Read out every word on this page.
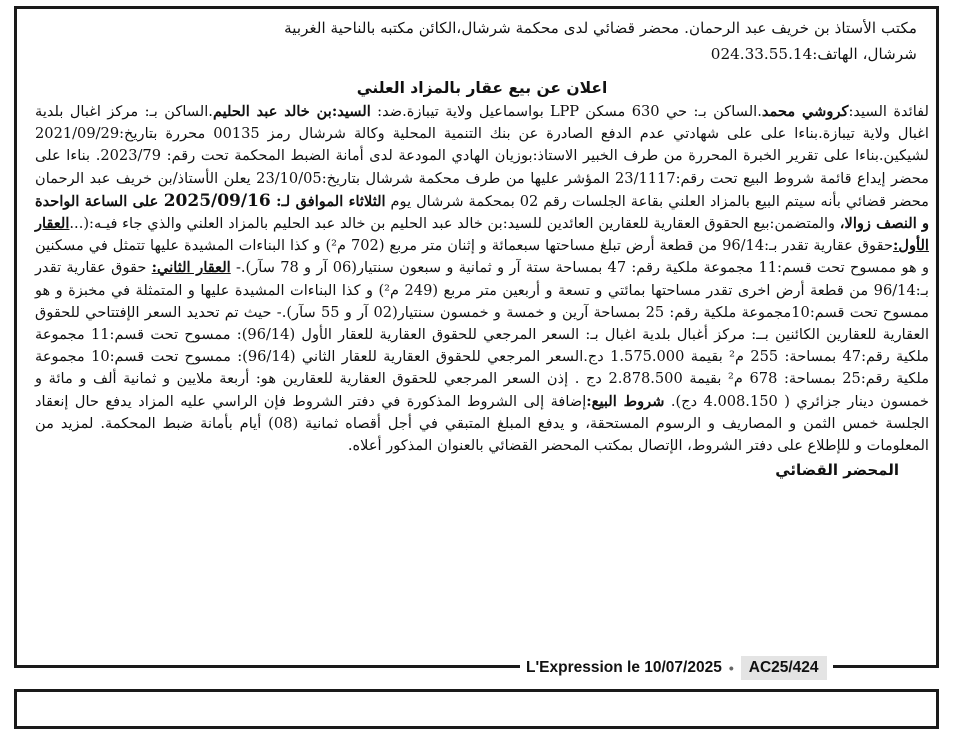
مكتب الأستاذ بن خريف عبد الرحمان. محضر قضائي لدى محكمة شرشال،الكائن مكتبه بالناحية الغربية
شرشال، الهاتف:024.33.55.14
اعلان عن بيع عقار بالمزاد العلني
لفائدة السيد:كروشي محمد.الساكن بـ: حي 630 مسكن LPP بواسماعيل ولاية تيبازة.ضد: السيد:بن خالد عبد الحليم.الساكن بـ: مركز اغبال بلدية اغبال ولاية تيبازة.بناءا على على شهادتي عدم الدفع الصادرة عن بنك التنمية المحلية وكالة شرشال رمز 00135 محررة بتاريخ:2021/09/29 لشيكين.بناءا على تقرير الخبرة المحررة من طرف الخبير الاستاذ:بوزيان الهادي المودعة لدى أمانة الضبط المحكمة تحت رقم: 2023/79. بناءا على محضر إيداع قائمة شروط البيع تحت رقم:23/1117 المؤشر عليها من طرف محكمة شرشال بتاريخ:23/10/05 يعلن الأستاذ/بن خريف عبد الرحمان محضر قضائي بأنه سيتم البيع بالمزاد العلني بقاعة الجلسات رقم 02 بمحكمة شرشال يوم الثلاثاء الموافق لـ: 2025/09/16 على الساعة الواحدة و النصف زوالا، والمتضمن:بيع الحقوق العقارية للعقارين العائدين للسيد:بن خالد عبد الحليم بن خالد عبد الحليم بالمزاد العلني والذي جاء فيـه:(...العقار الأول:حقوق عقارية تقدر بـ:96/14 من قطعة أرض تبلغ مساحتها سبعمائة و إثنان متر مربع (702 م²) و كذا البناءات المشيدة عليها تتمثل في مسكنين و هو ممسوح تحت قسم:11 مجموعة ملكية رقم: 47 بمساحة ستة آر و ثمانية و سبعون سنتيار(06 آر و 78 سآر).- العقار الثاني: حقوق عقارية تقدر بـ:96/14 من قطعة أرض اخرى تقدر مساحتها بمائتي و تسعة و أربعين متر مربع (249 م²) و كذا البناءات المشيدة عليها و المتمثلة في مخبزة و هو ممسوح تحت قسم:10مجموعة ملكية رقم: 25 بمساحة آرين و خمسة و خمسون سنتيار(02 آر و 55 سآر).- حيث تم تحديد السعر الإفتتاحي للحقوق العقارية للعقارين الكائنين بــ: مركز أغبال بلدية اغبال بـ: السعر المرجعي للحقوق العقارية للعقار الأول (96/14): ممسوح تحت قسم:11 مجموعة ملكية رقم:47 بمساحة: 255 م² بقيمة 1.575.000 دج.السعر المرجعي للحقوق العقارية للعقار الثاني (96/14): ممسوح تحت قسم:10 مجموعة ملكية رقم:25 بمساحة: 678 م² بقيمة 2.878.500 دج . إذن السعر المرجعي للحقوق العقارية للعقارين هو: أربعة ملايين و ثمانية ألف و مائة و خمسون دينار جزائري ( 4.008.150 دج). شروط البيع:إضافة إلى الشروط المذكورة في دفتر الشروط فإن الراسي عليه المزاد يدفع حال إنعقاد الجلسة خمس الثمن و المصاريف و الرسوم المستحقة، و يدفع المبلغ المتبقي في أجل أقصاه ثمانية (08) أيام بأمانة ضبط المحكمة. لمزيد من المعلومات و للإطلاع على دفتر الشروط، الإتصال بمكتب المحضر القضائي بالعنوان المذكور أعلاه.
المحضر القضائي
L'Expression le 10/07/2025 • AC25/424
